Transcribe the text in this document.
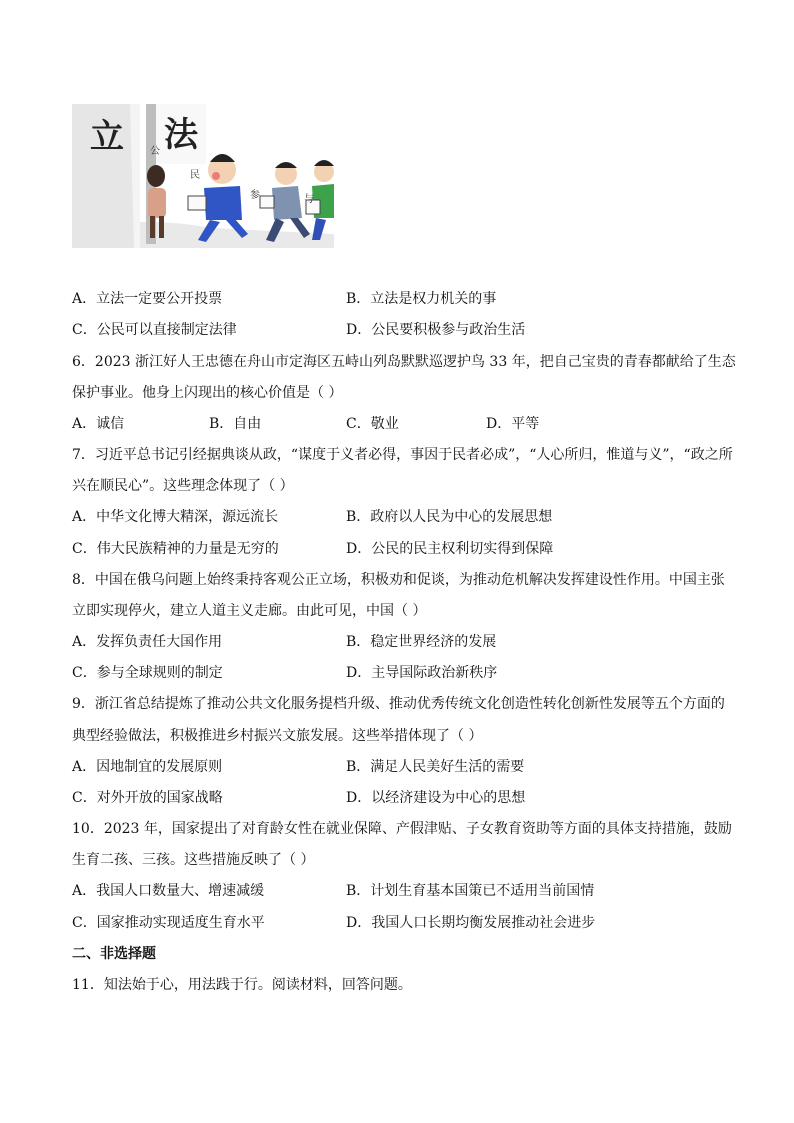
立 法
公
民
参	与
A．立法一定要公开投票	B．立法是权力机关的事
C．公民可以直接制定法律	D．公民要积极参与政治生活
6．2023 浙江好人王忠德在舟山市定海区五峙山列岛默默巡逻护鸟 33 年，把自己宝贵的青春都献给了生态
保护事业。他身上闪现出的核心价值是（ ）
A．诚信	B．自由	C．敬业	D．平等
7．习近平总书记引经据典谈从政，“谋度于义者必得，事因于民者必成”，“人心所归，惟道与义”，“政之所
兴在顺民心”。这些理念体现了（ ）
A．中华文化博大精深，源远流长	B．政府以人民为中心的发展思想
C．伟大民族精神的力量是无穷的	D．公民的民主权利切实得到保障
8．中国在俄乌问题上始终秉持客观公正立场，积极劝和促谈，为推动危机解决发挥建设性作用。中国主张
立即实现停火，建立人道主义走廊。由此可见，中国（ ）
A．发挥负责任大国作用	B．稳定世界经济的发展
C．参与全球规则的制定	D．主导国际政治新秩序
9．浙江省总结提炼了推动公共文化服务提档升级、推动优秀传统文化创造性转化创新性发展等五个方面的
典型经验做法，积极推进乡村振兴文旅发展。这些举措体现了（ ）
A．因地制宜的发展原则	B．满足人民美好生活的需要
C．对外开放的国家战略	D．以经济建设为中心的思想
10．2023 年，国家提出了对育龄女性在就业保障、产假津贴、子女教育资助等方面的具体支持措施，鼓励
生育二孩、三孩。这些措施反映了（ ）
A．我国人口数量大、增速减缓	B．计划生育基本国策已不适用当前国情
C．国家推动实现适度生育水平	D．我国人口长期均衡发展推动社会进步
二、非选择题
11．知法始于心，用法践于行。阅读材料，回答问题。
